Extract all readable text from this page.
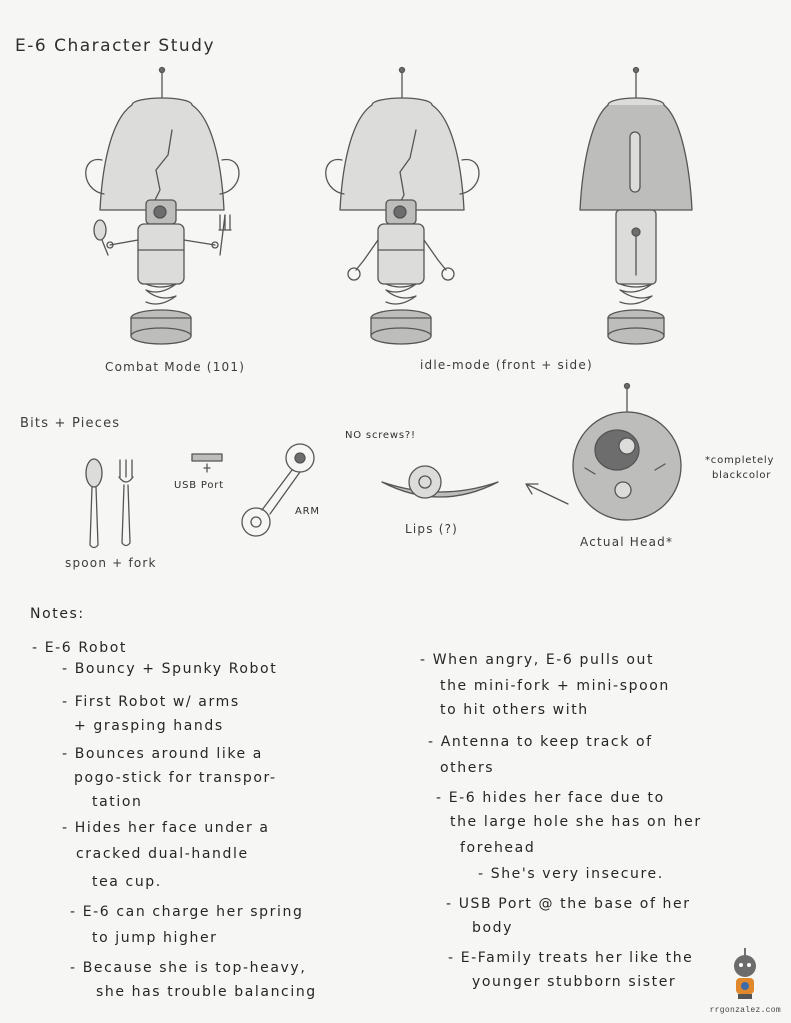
E-6 Character Study
Combat Mode (101)	idle-mode (front + side)
Bits + Pieces
spoon + fork
USB Port
ARM
NO screws?!
Lips (?)
*completely
blackcolor
Actual Head*
Notes:
- E-6 Robot
- Bouncy + Spunky Robot
- First Robot w/ arms
+ grasping hands
- Bounces around like a
pogo-stick for transpor-
tation
- Hides her face under a
cracked dual-handle
tea cup.
- E-6 can charge her spring
to jump higher
- Because she is top-heavy,
she has trouble balancing
- When angry, E-6 pulls out
the mini-fork + mini-spoon
to hit others with
- Antenna to keep track of
others
- E-6 hides her face due to
the large hole she has on her
forehead
- She's very insecure.
- USB Port @ the base of her
body
- E-Family treats her like the
younger stubborn sister
rrgonzalez.com
